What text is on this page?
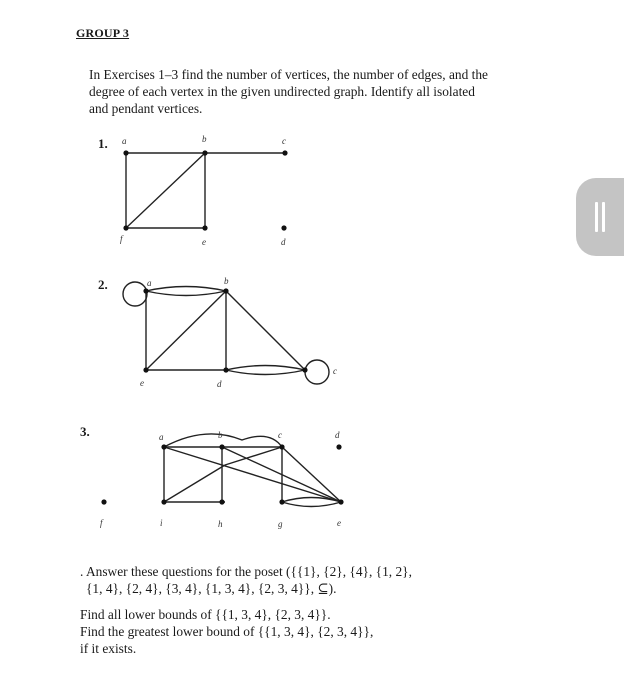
GROUP 3
In Exercises 1–3 find the number of vertices, the number of edges, and the degree of each vertex in the given undirected graph. Identify all isolated and pendant vertices.
1. a	b	c
f	e	d
a	b
e	d
c
a	b	c	d
f	i	h	g	e
2.
3.
. Answer these questions for the poset ({{1}, {2}, {4}, {1, 2},
{1, 4}, {2, 4}, {3, 4}, {1, 3, 4}, {2, 3, 4}}, ⊆).
Find all lower bounds of {{1, 3, 4}, {2, 3, 4}}.
Find the greatest lower bound of {{1, 3, 4}, {2, 3, 4}},
if it exists.
